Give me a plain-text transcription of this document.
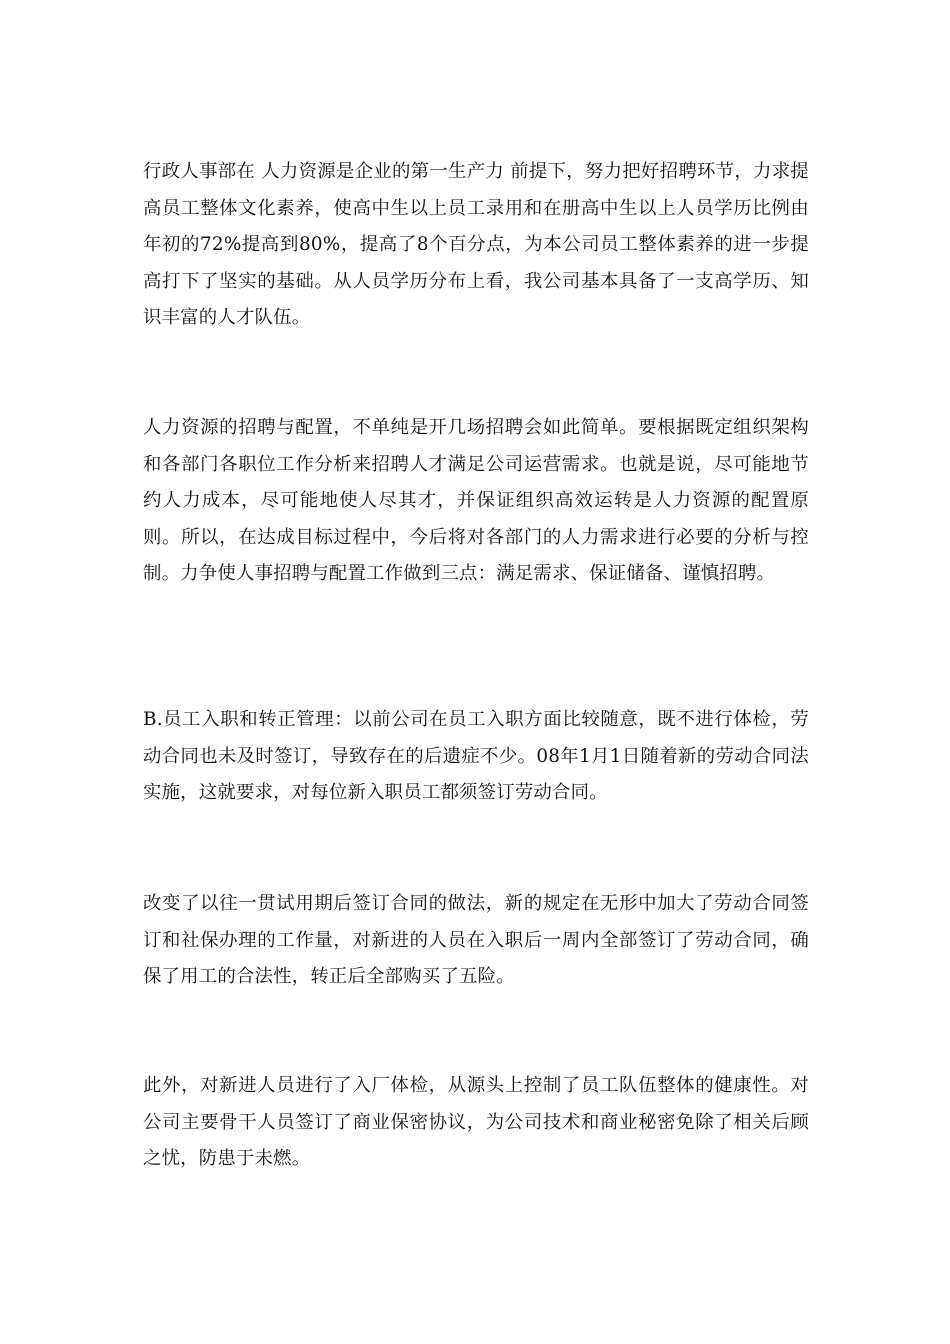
行政人事部在 人力资源是企业的第一生产力 前提下，努力把好招聘环节，力求提高员工整体文化素养，使高中生以上员工录用和在册高中生以上人员学历比例由年初的72%提高到80%，提高了8个百分点，为本公司员工整体素养的进一步提高打下了坚实的基础。从人员学历分布上看，我公司基本具备了一支高学历、知识丰富的人才队伍。

人力资源的招聘与配置，不单纯是开几场招聘会如此简单。要根据既定组织架构和各部门各职位工作分析来招聘人才满足公司运营需求。也就是说，尽可能地节约人力成本，尽可能地使人尽其才，并保证组织高效运转是人力资源的配置原则。所以，在达成目标过程中，今后将对各部门的人力需求进行必要的分析与控制。力争使人事招聘与配置工作做到三点：满足需求、保证储备、谨慎招聘。

B.员工入职和转正管理：以前公司在员工入职方面比较随意，既不进行体检，劳动合同也未及时签订，导致存在的后遗症不少。08年1月1日随着新的劳动合同法实施，这就要求，对每位新入职员工都须签订劳动合同。

改变了以往一贯试用期后签订合同的做法，新的规定在无形中加大了劳动合同签订和社保办理的工作量，对新进的人员在入职后一周内全部签订了劳动合同，确保了用工的合法性，转正后全部购买了五险。

此外，对新进人员进行了入厂体检，从源头上控制了员工队伍整体的健康性。对公司主要骨干人员签订了商业保密协议，为公司技术和商业秘密免除了相关后顾之忧，防患于未燃。
